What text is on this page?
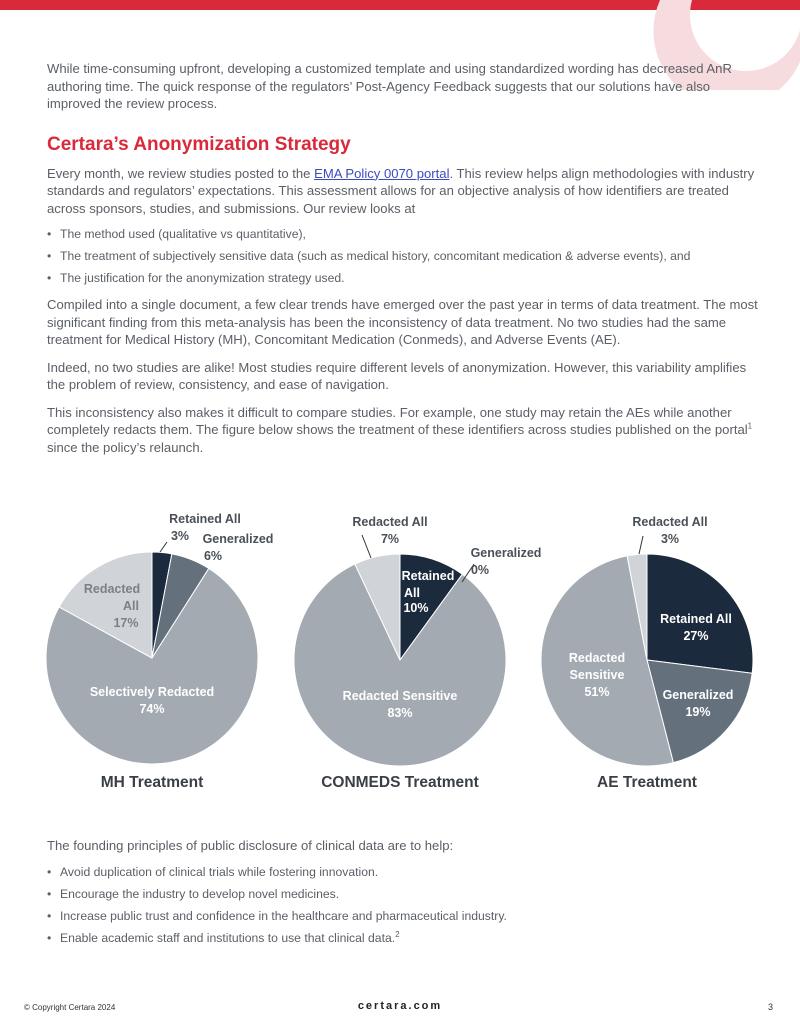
While time-consuming upfront, developing a customized template and using standardized wording has decreased AnR authoring time. The quick response of the regulators’ Post-Agency Feedback suggests that our solutions have also improved the review process.

Certara’s Anonymization Strategy

Every month, we review studies posted to the EMA Policy 0070 portal. This review helps align methodologies with industry standards and regulators’ expectations. This assessment allows for an objective analysis of how identifiers are treated across sponsors, studies, and submissions. Our review looks at

• The method used (qualitative vs quantitative),
• The treatment of subjectively sensitive data (such as medical history, concomitant medication & adverse events), and
• The justification for the anonymization strategy used.

Compiled into a single document, a few clear trends have emerged over the past year in terms of data treatment. The most significant finding from this meta-analysis has been the inconsistency of data treatment. No two studies had the same treatment for Medical History (MH), Concomitant Medication (Conmeds), and Adverse Events (AE).

Indeed, no two studies are alike! Most studies require different levels of anonymization. However, this variability amplifies the problem of review, consistency, and ease of navigation.

This inconsistency also makes it difficult to compare studies. For example, one study may retain the AEs while another completely redacts them. The figure below shows the treatment of these identifiers across studies published on the portal$^1$ since the policy’s relaunch.

Retained All
3% Generalized
6%
Selectively Redacted
74%
Redacted
All
17%
MH Treatment
Retained
All
10%
Generalized
0%
Redacted Sensitive
83%
Redacted All
7%
CONMEDS Treatment
Retained All
27%
Generalized
19%
Redacted
Sensitive
51%
Redacted All
3%
AE Treatment

The founding principles of public disclosure of clinical data are to help:

• Avoid duplication of clinical trials while fostering innovation.
• Encourage the industry to develop novel medicines.
• Increase public trust and confidence in the healthcare and pharmaceutical industry.
• Enable academic staff and institutions to use that clinical data.$^2$
© Copyright Certara 2024	certara.com	3
